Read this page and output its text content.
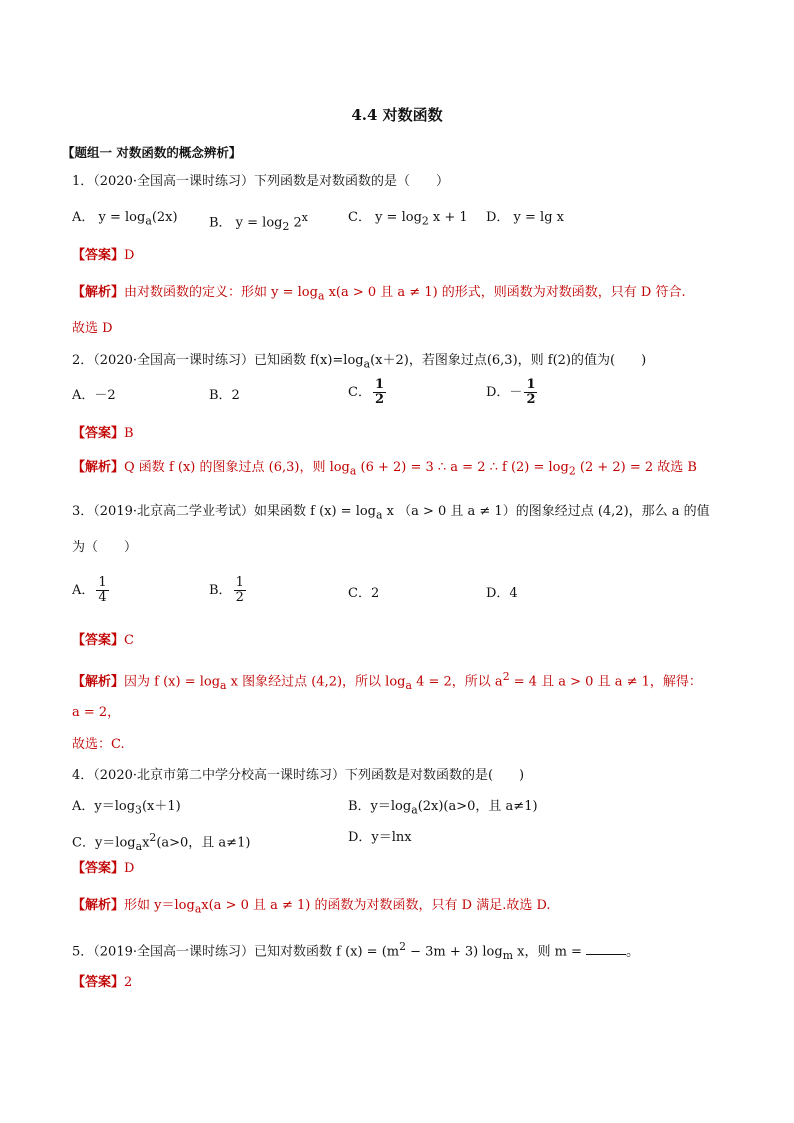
4.4 对数函数
【题组一 对数函数的概念辨析】
1．（2020·全国高一课时练习）下列函数是对数函数的是（　　）
A． $y = \log_a(2x)$ B． $y = \log_2 2^x$	C． $y = \log_2 x + 1$ D． y = lg x
【答案】D
【解析】由对数函数的定义：形如 $y = \log_a x(a > 0$ 且 a ≠ 1) 的形式，则函数为对数函数，只有 D 符合.
故选 D
2．（2020·全国高一课时练习）已知函数 $f(x)=\log_a(x+2)$，若图象过点(6,3)，则 f(2)的值为(　　)
A．－2	B．2	C． $\frac{1}{2}$	D．－ $\frac{1}{2}$
【答案】B
【解析】Q 函数 f (x) 的图象过点 (6,3)，则 $\log_a (6 + 2) = 3$ ∴ a = 2 ∴ f $(2) = \log_2 (2 + 2) = 2$ 故选 B
3．（2019·北京高二学业考试）如果函数 f $(x) = \log_a x$ （a > 0 且 a ≠ 1）的图象经过点 (4,2)，那么 a 的值
为（　　）
A． $\frac{1}{4}$	B． $\frac{1}{2}$	C．2	D．4
【答案】C
【解析】因为 f $(x) = \log_a x$ 图象经过点 (4,2)，所以 $\log_a 4 = 2$，所以 $a^2 = 4$ 且 a > 0 且 a ≠ 1，解得：
a = 2，
故选：C.
4．（2020·北京市第二中学分校高一课时练习）下列函数是对数函数的是(　　)
A．$y=\log_3(x+1)$	B．$y=\log_a(2x)(a>0$，且 a≠1)
C．$y=\log_ax^2(a>0$，且 a≠1)	D．y＝lnx
【答案】D
【解析】形如 $y=\log_ax(a > 0$ 且 a ≠ 1) 的函数为对数函数，只有 D 满足.故选 D.
5．（2019·全国高一课时练习）已知对数函数 f $(x) = (m^2 - 3m + 3)$ $\log_m x$，则 m =	。
【答案】2
